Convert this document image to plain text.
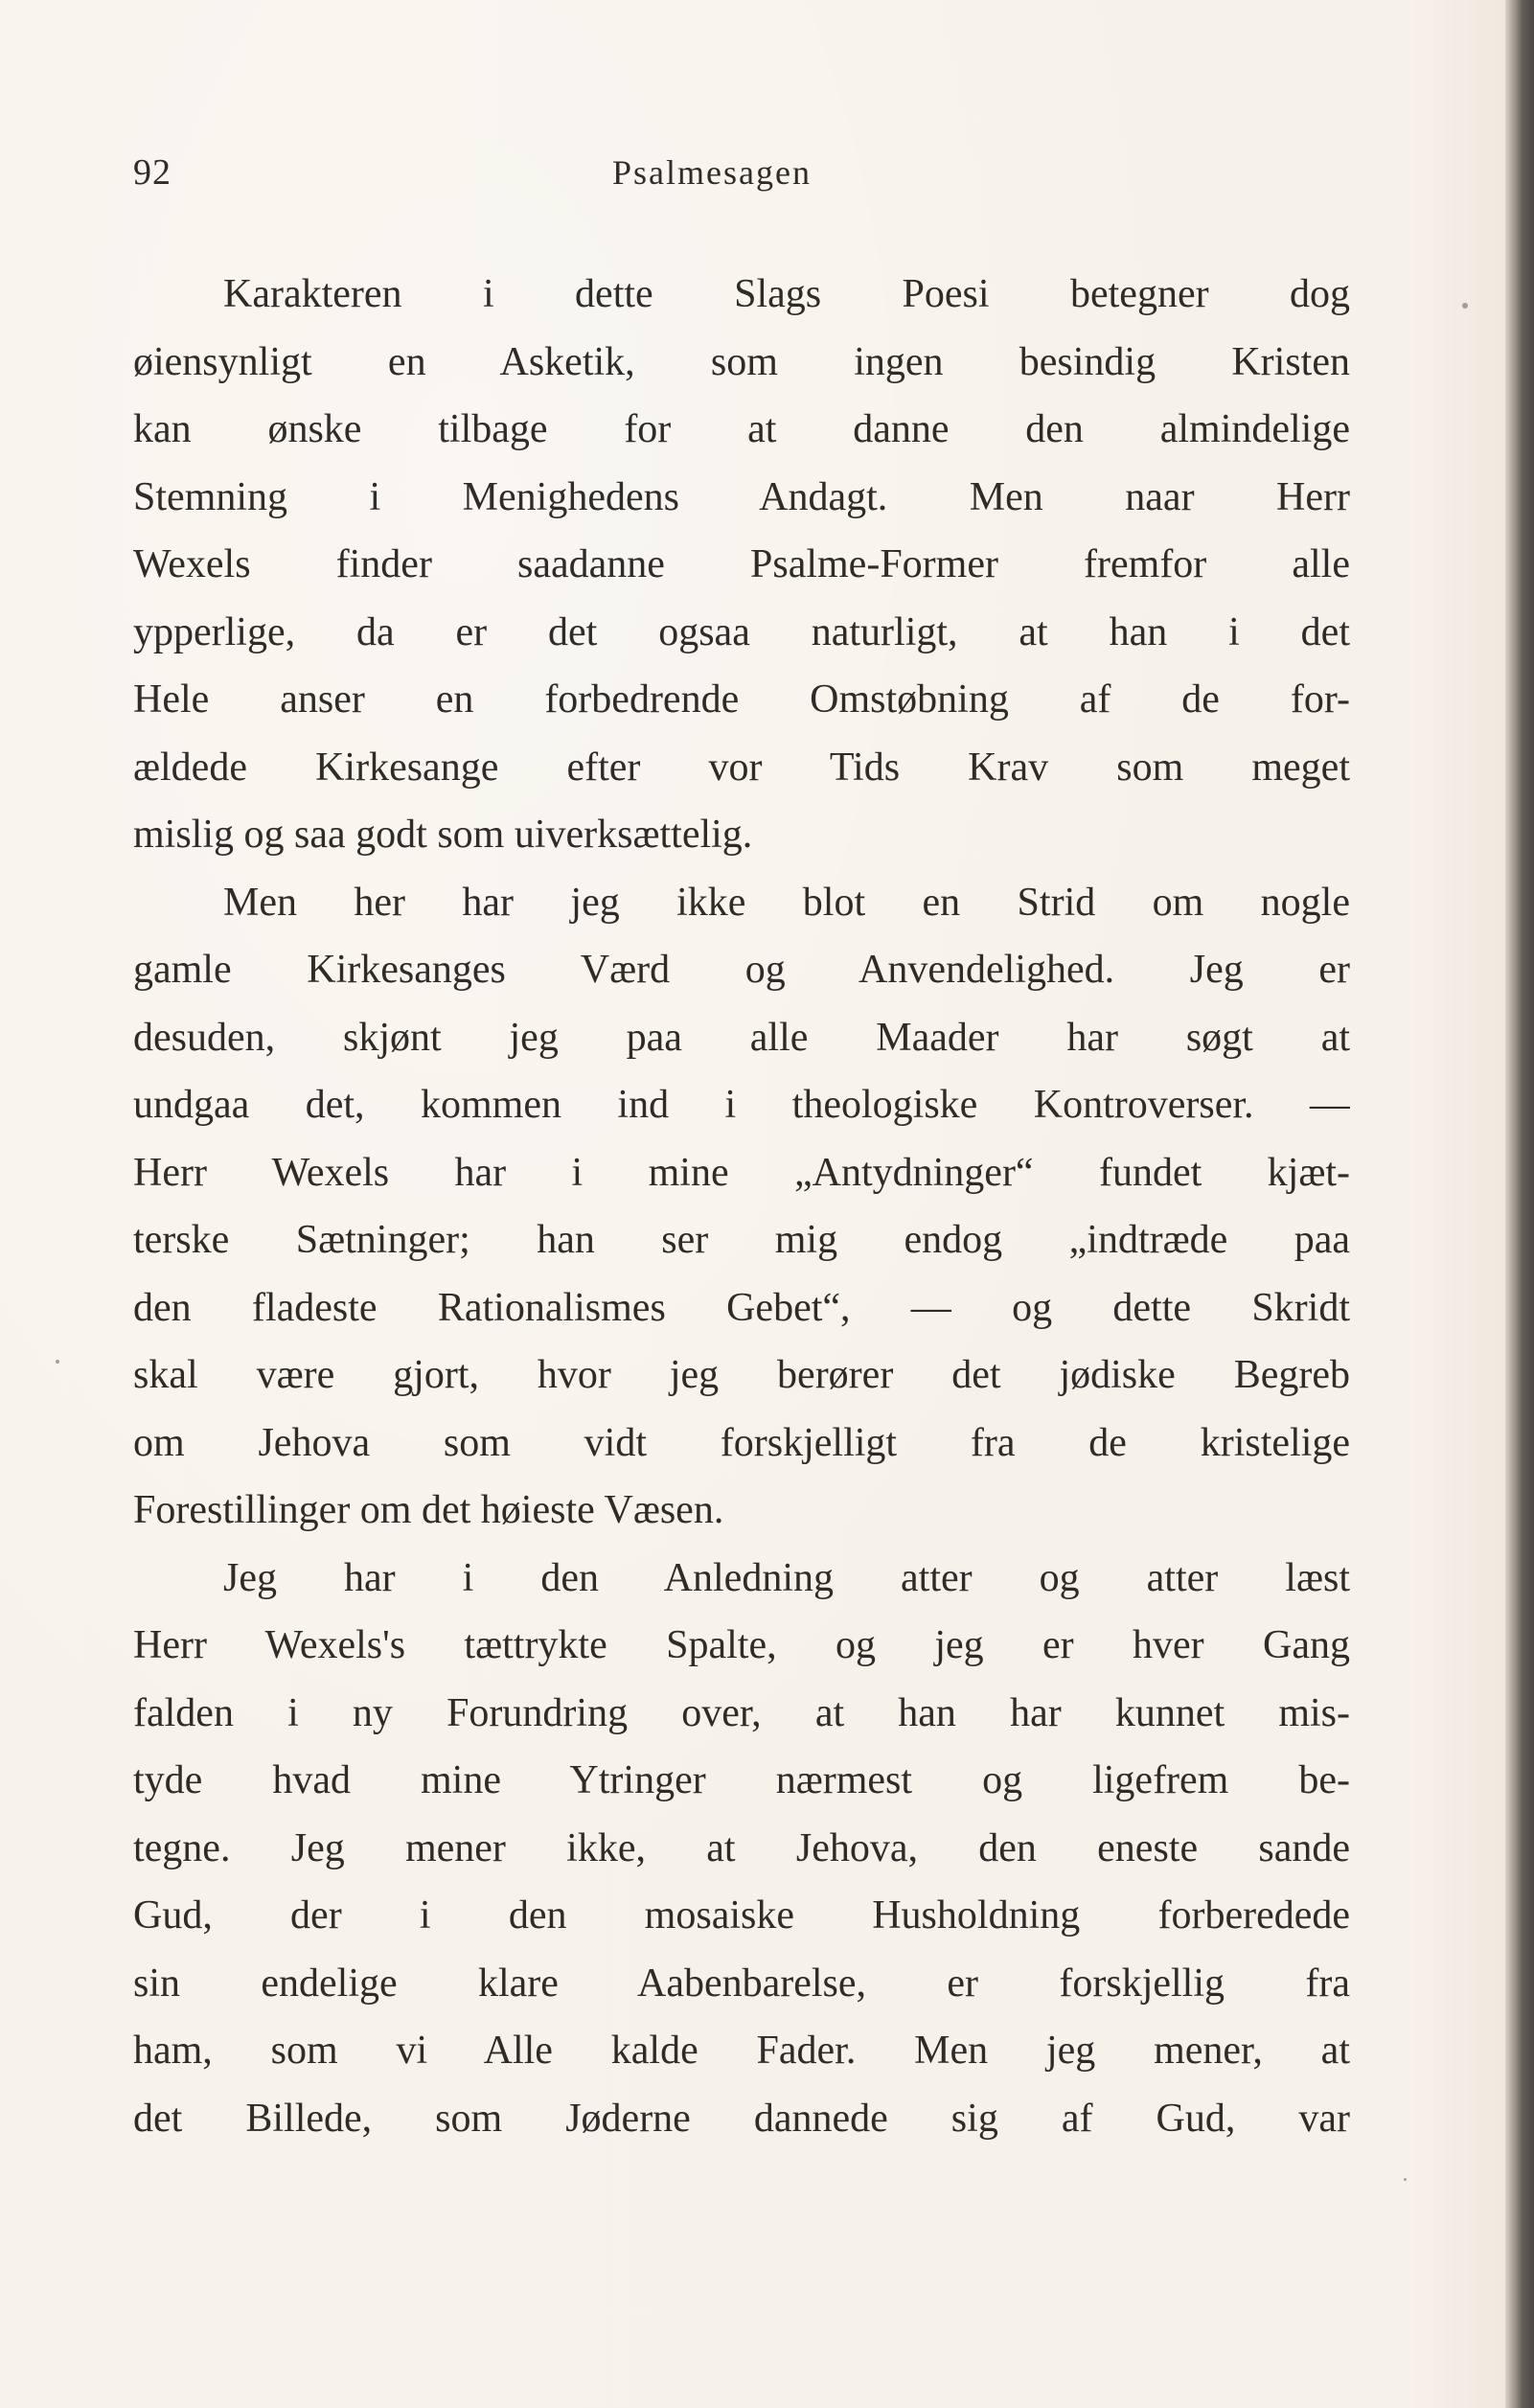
92	Psalmesagen
Karakteren i dette Slags Poesi betegner dog
øiensynligt en Asketik, som ingen besindig Kristen
kan ønske tilbage for at danne den almindelige
Stemning i Menighedens Andagt. Men naar Herr
Wexels finder saadanne Psalme-Former fremfor alle
ypperlige, da er det ogsaa naturligt, at han i det
Hele anser en forbedrende Omstøbning af de for-
ældede Kirkesange efter vor Tids Krav som meget
mislig og saa godt som uiverksættelig.
Men her har jeg ikke blot en Strid om nogle
gamle Kirkesanges Værd og Anvendelighed. Jeg er
desuden, skjønt jeg paa alle Maader har søgt at
undgaa det, kommen ind i theologiske Kontroverser. —
Herr Wexels har i mine „Antydninger“ fundet kjæt-
terske Sætninger; han ser mig endog „indtræde paa
den fladeste Rationalismes Gebet“, — og dette Skridt
skal være gjort, hvor jeg berører det jødiske Begreb
om Jehova som vidt forskjelligt fra de kristelige
Forestillinger om det høieste Væsen.
Jeg har i den Anledning atter og atter læst
Herr Wexels's tættrykte Spalte, og jeg er hver Gang
falden i ny Forundring over, at han har kunnet mis-
tyde hvad mine Ytringer nærmest og ligefrem be-
tegne. Jeg mener ikke, at Jehova, den eneste sande
Gud, der i den mosaiske Husholdning forberedede
sin endelige klare Aabenbarelse, er forskjellig fra
ham, som vi Alle kalde Fader. Men jeg mener, at
det Billede, som Jøderne dannede sig af Gud, var
